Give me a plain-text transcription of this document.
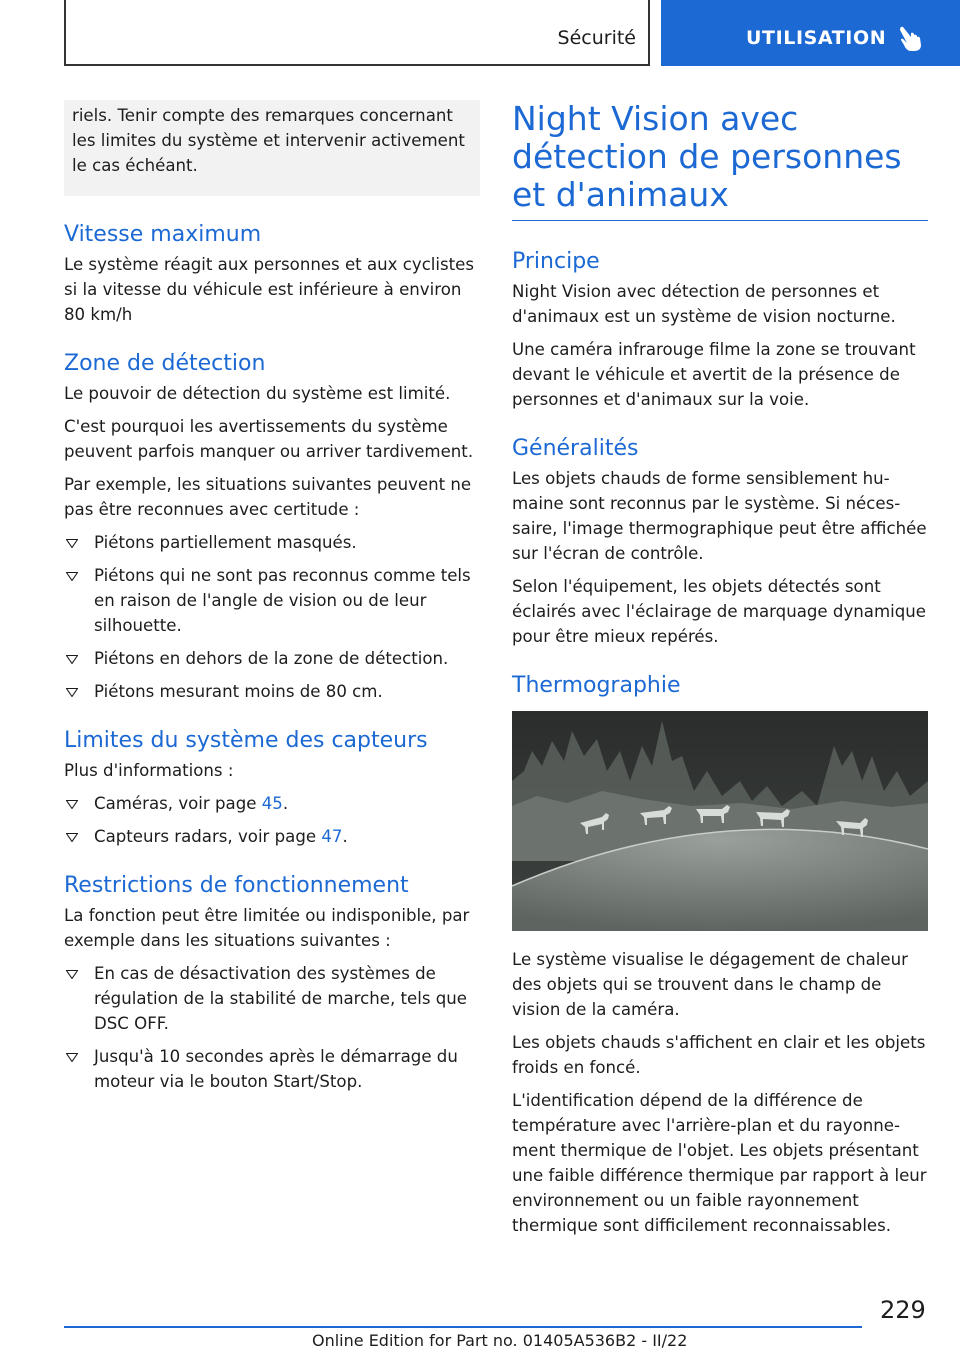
Sécurité	UTILISATION

riels. Tenir compte des remarques concernant les limites du système et intervenir activement le cas échéant.

Vitesse maximum

Le système réagit aux personnes et aux cyclistes si la vitesse du véhicule est inférieure à environ 80 km/h

Zone de détection

Le pouvoir de détection du système est limité.

C'est pourquoi les avertissements du système peuvent parfois manquer ou arriver tardivement.

Par exemple, les situations suivantes peuvent ne pas être reconnues avec certitude :

Piétons partiellement masqués.
Piétons qui ne sont pas reconnus comme tels en raison de l'angle de vision ou de leur silhouette.
Piétons en dehors de la zone de détection.
Piétons mesurant moins de 80 cm.
Limites du système des capteurs

Plus d'informations :

Caméras, voir page 45.
Capteurs radars, voir page 47.
Restrictions de fonctionnement

La fonction peut être limitée ou indisponible, par exemple dans les situations suivantes :

En cas de désactivation des systèmes de régulation de la stabilité de marche, tels que DSC OFF.
Jusqu'à 10 secondes après le démarrage du moteur via le bouton Start/Stop.
Night Vision avec détection de personnes et d'animaux
Principe

Night Vision avec détection de personnes et d'animaux est un système de vision nocturne.

Une caméra infrarouge filme la zone se trouvant devant le véhicule et avertit de la présence de personnes et d'animaux sur la voie.

Généralités

Les objets chauds de forme sensiblement humaine sont reconnus par le système. Si nécessaire, l'image thermographique peut être affichée sur l'écran de contrôle.

Selon l'équipement, les objets détectés sont éclairés avec l'éclairage de marquage dynamique pour être mieux repérés.

Thermographie

Le système visualise le dégagement de chaleur des objets qui se trouvent dans le champ de vision de la caméra.

Les objets chauds s'affichent en clair et les objets froids en foncé.

L'identification dépend de la différence de température avec l'arrière-plan et du rayonnement thermique de l'objet. Les objets présentant une faible différence thermique par rapport à leur environnement ou un faible rayonnement thermique sont difficilement reconnaissables.

229
Online Edition for Part no. 01405A536B2 - II/22
